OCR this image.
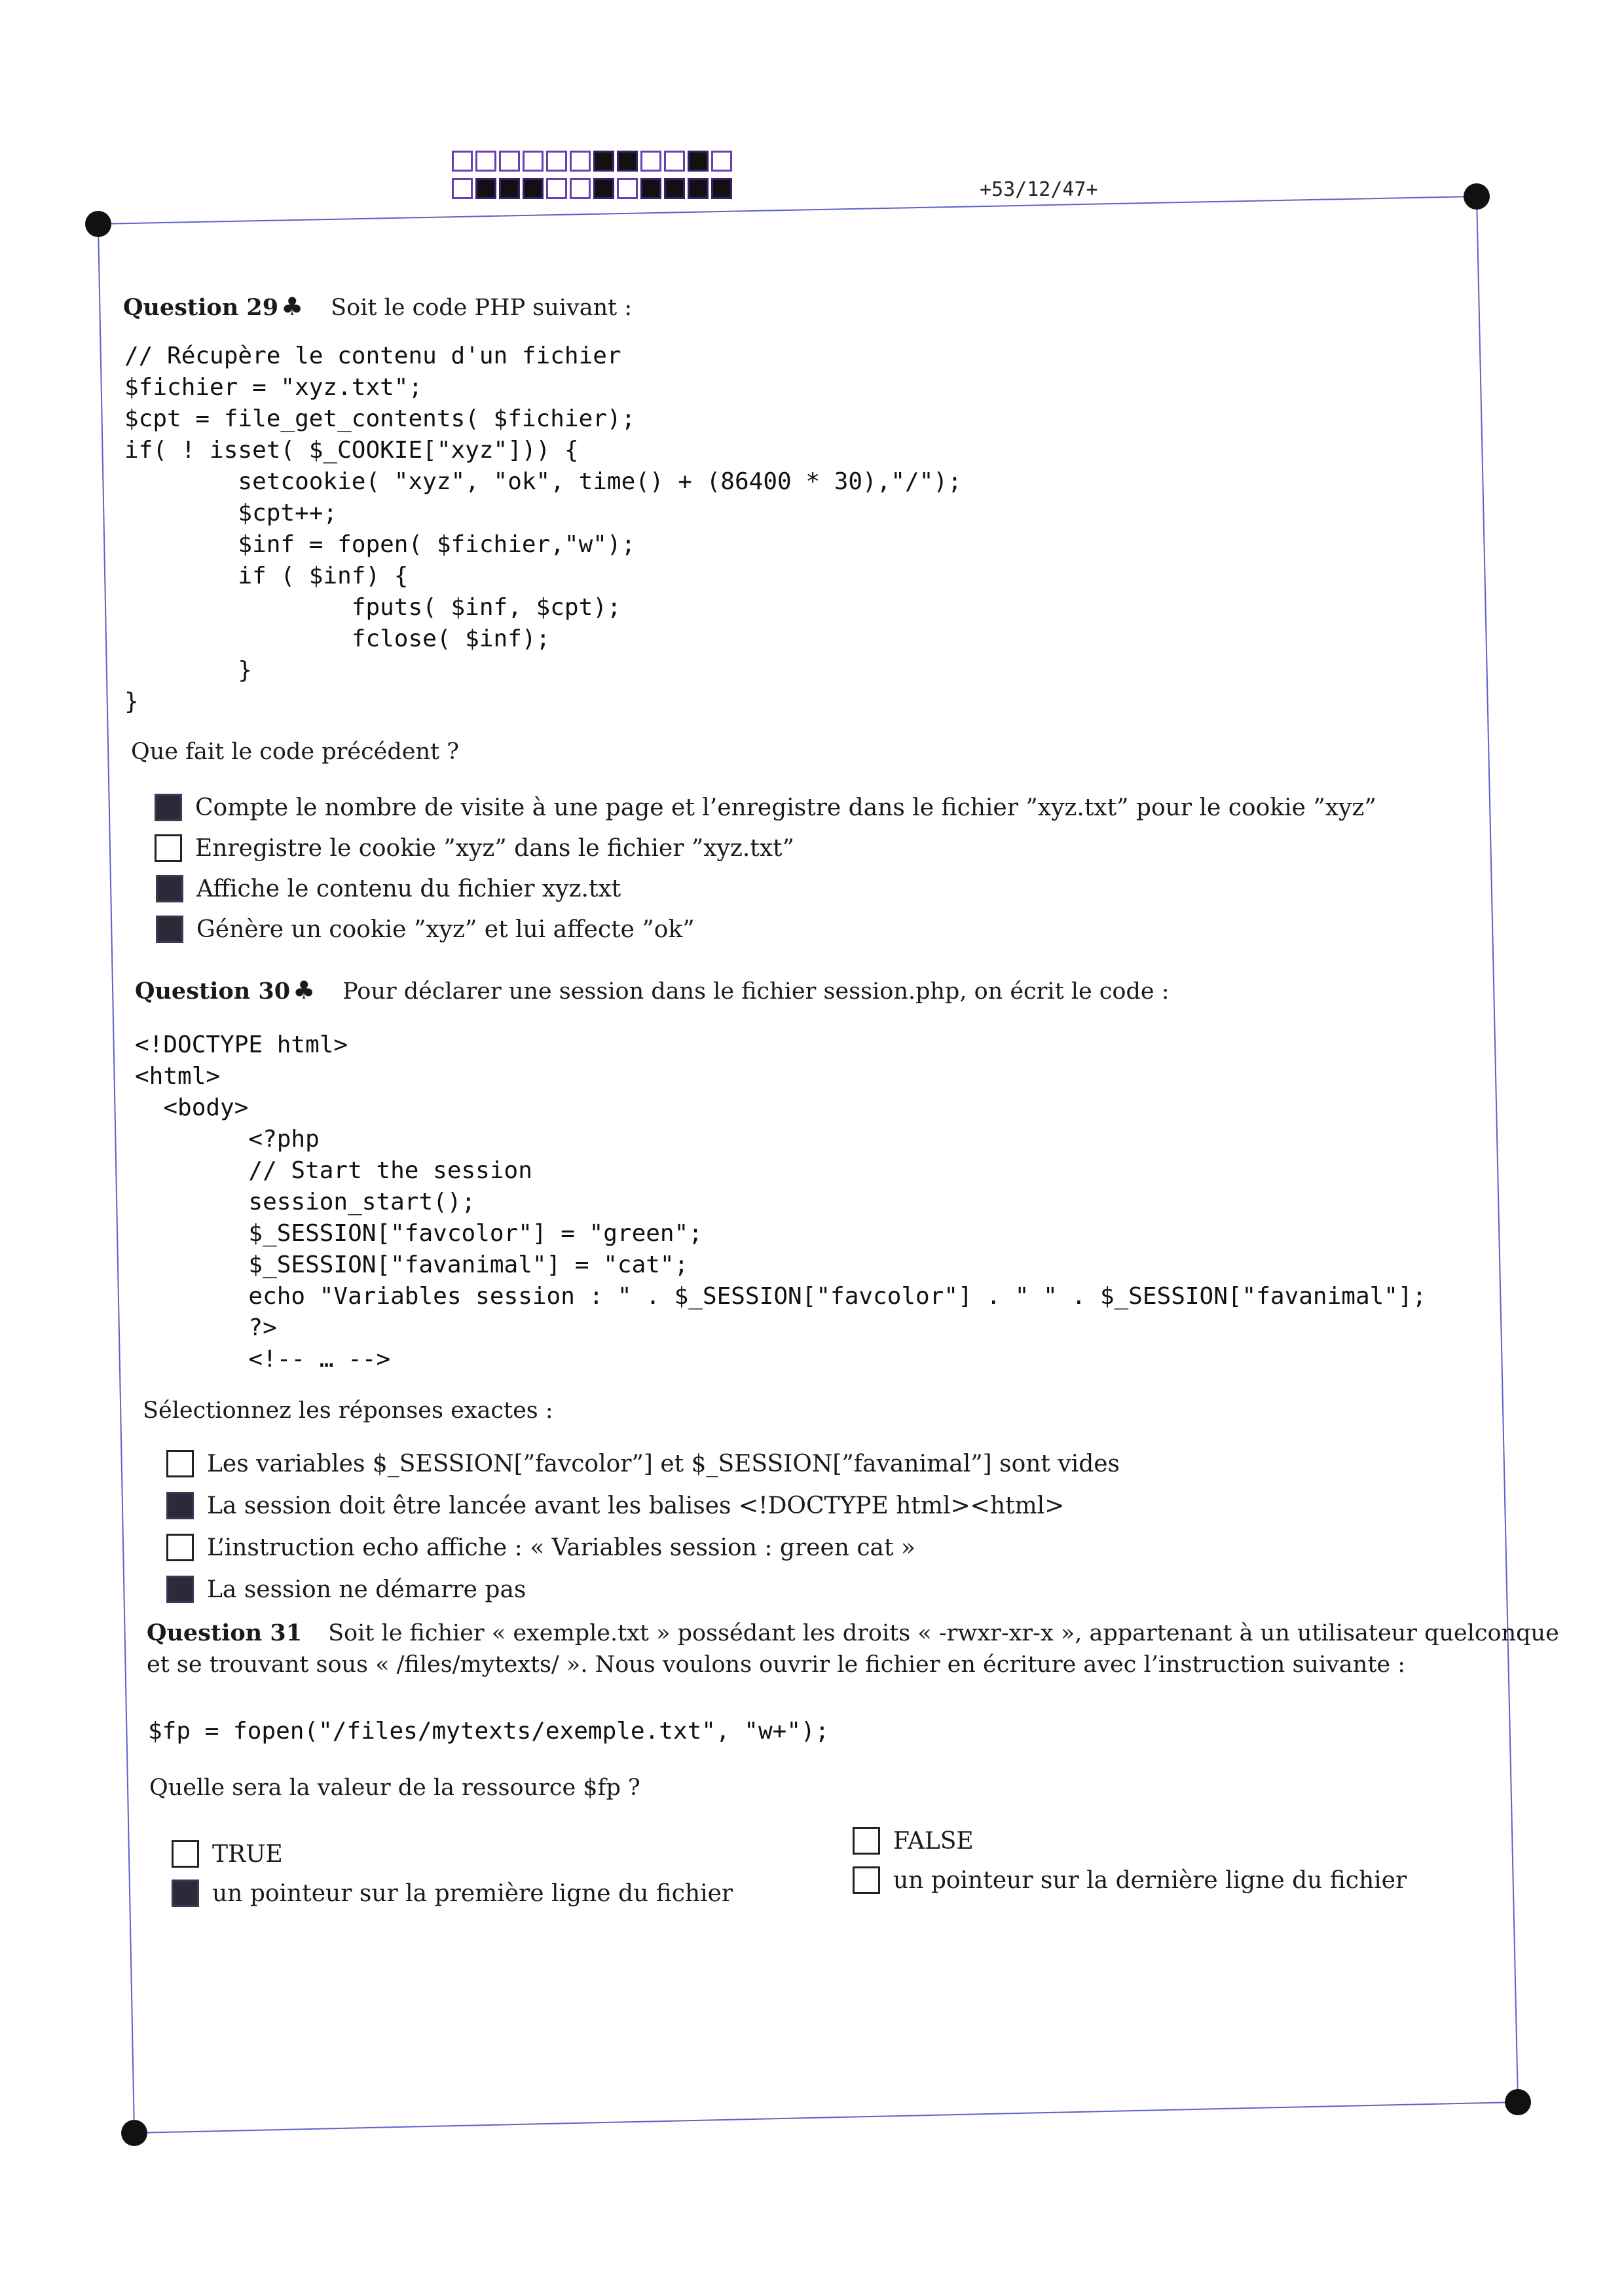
+53/12/47+
Question 29 ♣ Soit le code PHP suivant :
// Récupère le contenu d'un fichier
$fichier = "xyz.txt";
$cpt = file_get_contents( $fichier);
if( ! isset( $_COOKIE["xyz"])) {
setcookie( "xyz", "ok", time() + (86400 * 30),"/");
$cpt++;
$inf = fopen( $fichier,"w");
if ( $inf) {
fputs( $inf, $cpt);
fclose( $inf);
}
}
Que fait le code précédent ?
Compte le nombre de visite à une page et l’enregistre dans le fichier ”xyz.txt” pour le cookie ”xyz”
Enregistre le cookie ”xyz” dans le fichier ”xyz.txt”
Affiche le contenu du fichier xyz.txt
Génère un cookie ”xyz” et lui affecte ”ok”
Question 30 ♣ Pour déclarer une session dans le fichier session.php, on écrit le code :
<!DOCTYPE html>
<html>
<body>
<?php
// Start the session
session_start();
$_SESSION["favcolor"] = "green";
$_SESSION["favanimal"] = "cat";
echo "Variables session : " . $_SESSION["favcolor"] . " " . $_SESSION["favanimal"];
?>
<!-- … -->
Sélectionnez les réponses exactes :
Les variables $_SESSION[”favcolor”] et $_SESSION[”favanimal”] sont vides
La session doit être lancée avant les balises <!DOCTYPE html><html>
L’instruction echo affiche : « Variables session : green cat »
La session ne démarre pas
Question 31 Soit le fichier « exemple.txt » possédant les droits « -rwxr-xr-x », appartenant à un utilisateur quelconque et se trouvant sous « /files/mytexts/ ». Nous voulons ouvrir le fichier en écriture avec l’instruction suivante :
$fp = fopen("/files/mytexts/exemple.txt", "w+");
Quelle sera la valeur de la ressource $fp ?
TRUE	FALSE
un pointeur sur la première ligne du fichier	un pointeur sur la dernière ligne du fichier
